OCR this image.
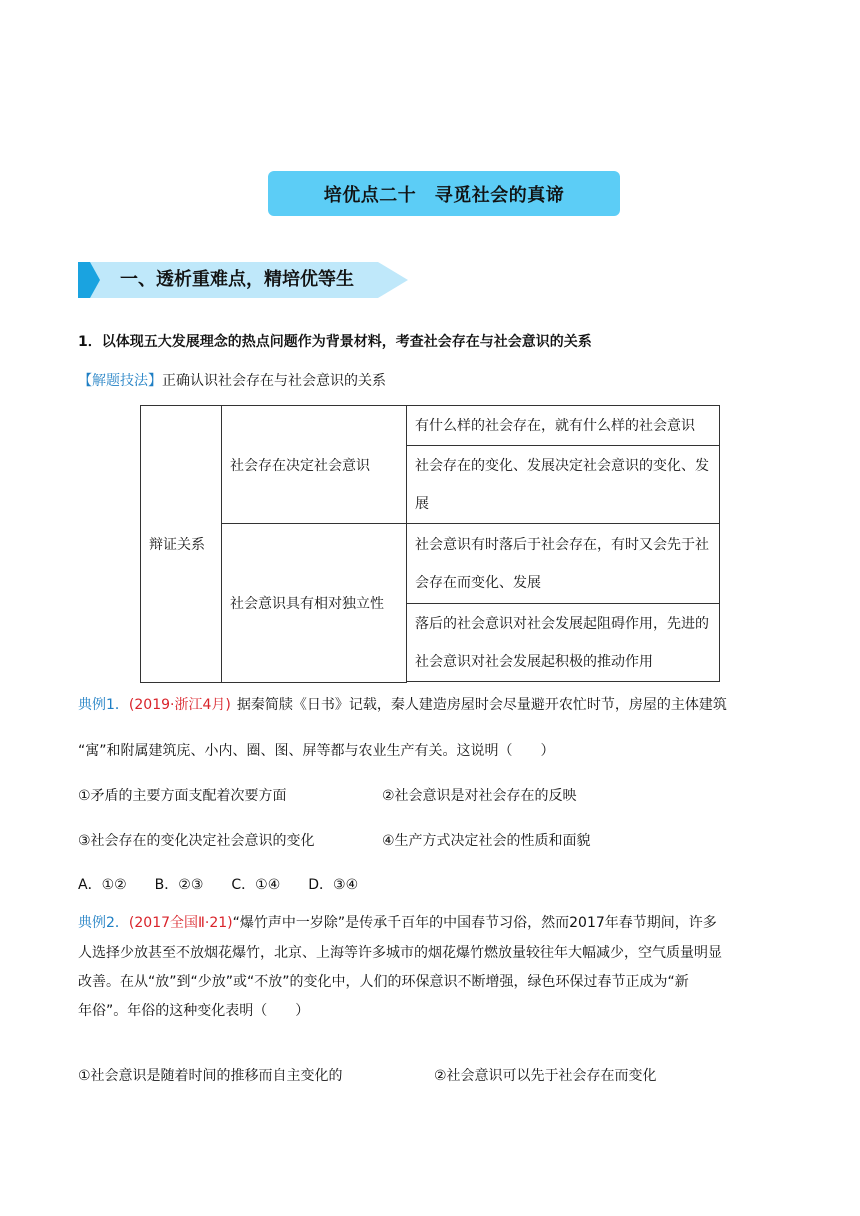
培优点二十　寻觅社会的真谛
一、透析重难点，精培优等生
1．以体现五大发展理念的热点问题作为背景材料，考查社会存在与社会意识的关系
【解题技法】正确认识社会存在与社会意识的关系
辩证关系	社会存在决定社会意识	有什么样的社会存在，就有什么样的社会意识
		社会存在的变化、发展决定社会意识的变化、发展
	社会意识具有相对独立性	社会意识有时落后于社会存在，有时又会先于社会存在而变化、发展
		落后的社会意识对社会发展起阻碍作用，先进的社会意识对社会发展起积极的推动作用

典例1．(2019·浙江4月) 据秦简牍《日书》记载，秦人建造房屋时会尽量避开农忙时节，房屋的主体建筑
“寓”和附属建筑庑、小内、圈、图、屏等都与农业生产有关。这说明（　　）
①矛盾的主要方面支配着次要方面	②社会意识是对社会存在的反映
③社会存在的变化决定社会意识的变化	④生产方式决定社会的性质和面貌
A．①②　　B．②③　　C．①④　　D．③④
典例2．(2017全国Ⅱ·21)“爆竹声中一岁除”是传承千百年的中国春节习俗，然而2017年春节期间，许多
人选择少放甚至不放烟花爆竹，北京、上海等许多城市的烟花爆竹燃放量较往年大幅减少，空气质量明显
改善。在从“放”到“少放”或“不放”的变化中，人们的环保意识不断增强，绿色环保过春节正成为“新
年俗”。年俗的这种变化表明（　　）
①社会意识是随着时间的推移而自主变化的	②社会意识可以先于社会存在而变化
